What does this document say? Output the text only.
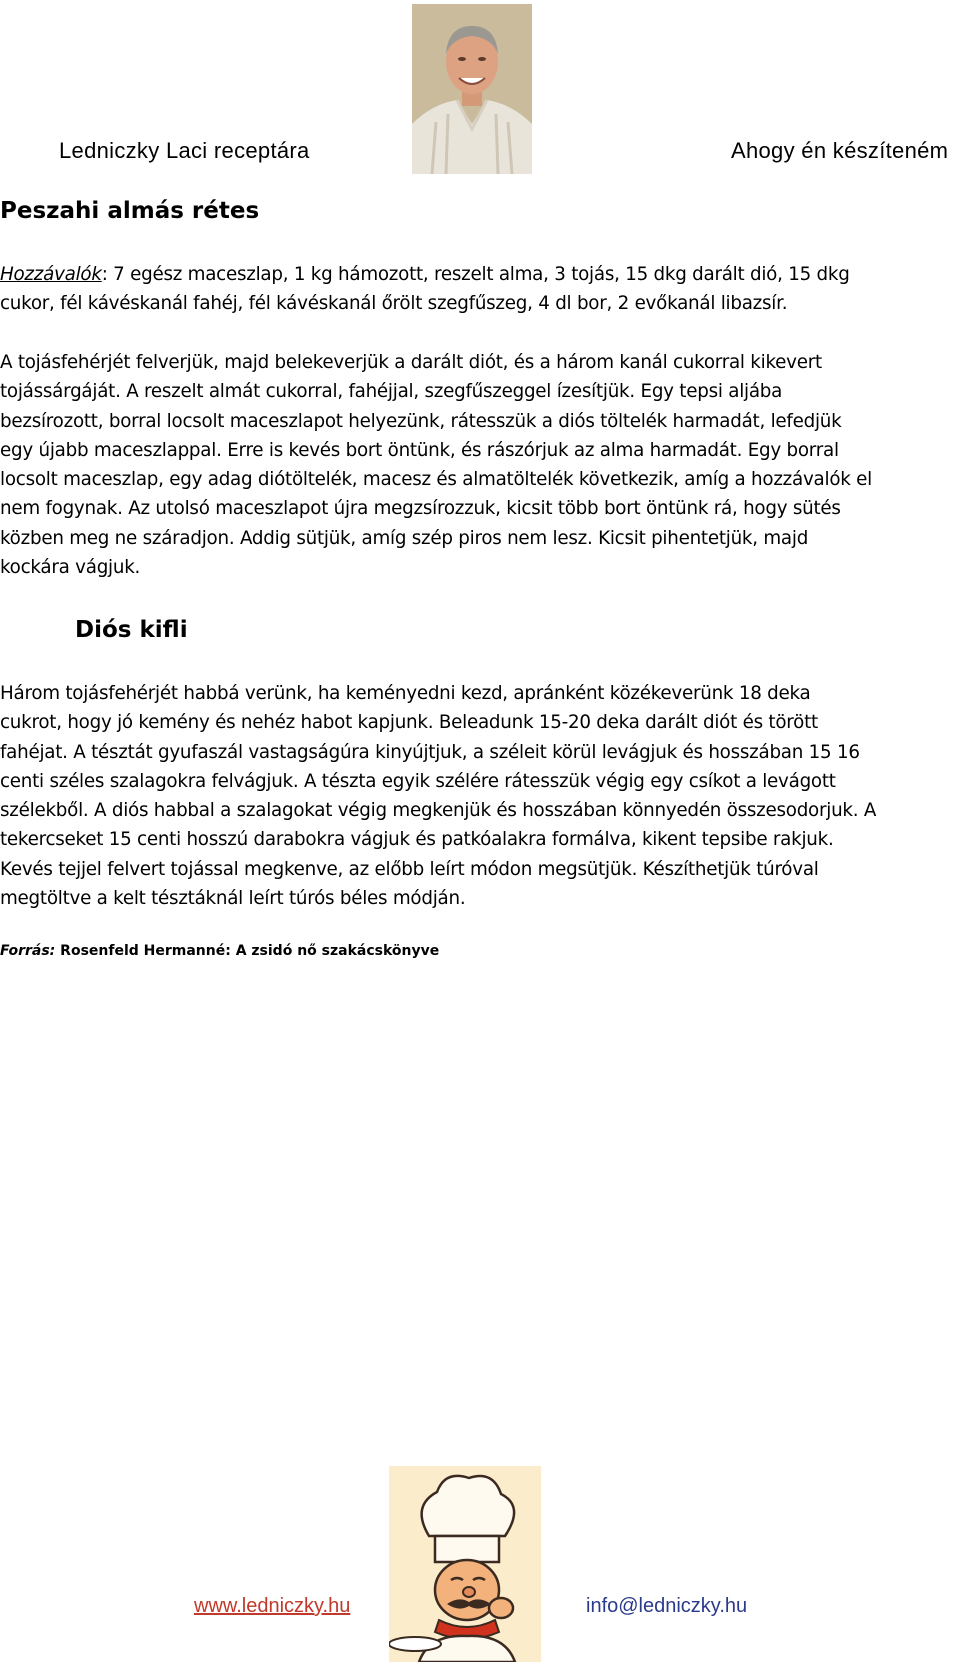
Ledniczky Laci receptára	Ahogy én készíteném
Peszahi almás rétes
Hozzávalók: 7 egész maceszlap, 1 kg hámozott, reszelt alma, 3 tojás, 15 dkg darált dió, 15 dkg
cukor, fél kávéskanál fahéj, fél kávéskanál őrölt szegfűszeg, 4 dl bor, 2 evőkanál libazsír.
A tojásfehérjét felverjük, majd belekeverjük a darált diót, és a három kanál cukorral kikevert
tojássárgáját. A reszelt almát cukorral, fahéjjal, szegfűszeggel ízesítjük. Egy tepsi aljába
bezsírozott, borral locsolt maceszlapot helyezünk, rátesszük a diós töltelék harmadát, lefedjük
egy újabb maceszlappal. Erre is kevés bort öntünk, és rászórjuk az alma harmadát. Egy borral
locsolt maceszlap, egy adag diótöltelék, macesz és almatöltelék következik, amíg a hozzávalók el
nem fogynak. Az utolsó maceszlapot újra megzsírozzuk, kicsit több bort öntünk rá, hogy sütés
közben meg ne száradjon. Addig sütjük, amíg szép piros nem lesz. Kicsit pihentetjük, majd
kockára vágjuk.
Diós kifli
Három tojásfehérjét habbá verünk, ha keményedni kezd, apránként közékeverünk 18 deka
cukrot, hogy jó kemény és nehéz habot kapjunk. Beleadunk 15-20 deka darált diót és törött
fahéjat. A tésztát gyufaszál vastagságúra kinyújtjuk, a széleit körül levágjuk és hosszában 15 16
centi széles szalagokra felvágjuk. A tészta egyik szélére rátesszük végig egy csíkot a levágott
szélekből. A diós habbal a szalagokat végig megkenjük és hosszában könnyedén összesodorjuk. A
tekercseket 15 centi hosszú darabokra vágjuk és patkóalakra formálva, kikent tepsibe rakjuk.
Kevés tejjel felvert tojással megkenve, az előbb leírt módon megsütjük. Készíthetjük túróval
megtöltve a kelt tésztáknál leírt túrós béles módján.
Forrás: Rosenfeld Hermanné: A zsidó nő szakácskönyve
www.ledniczky.hu	info@ledniczky.hu
